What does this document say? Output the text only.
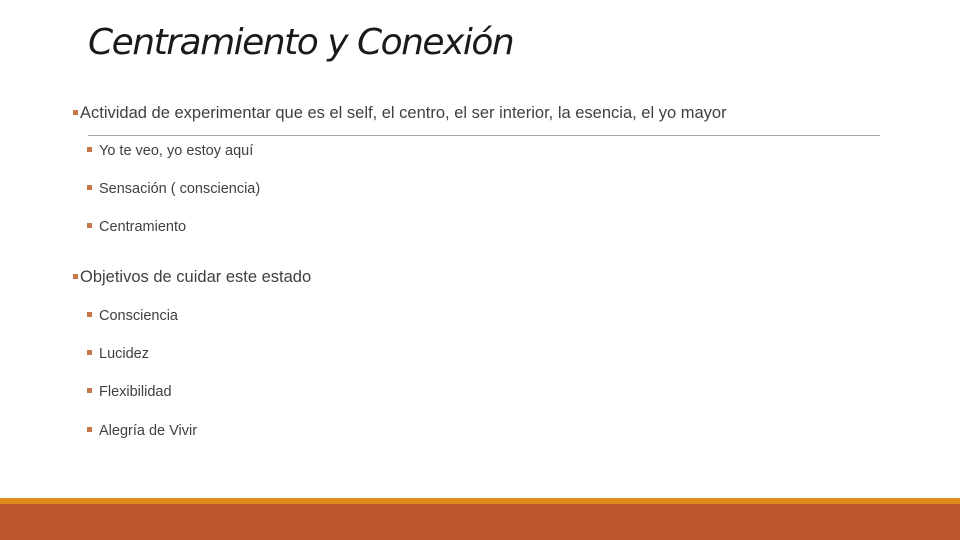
Centramiento y Conexión
Actividad de experimentar que es el self, el centro, el ser interior, la esencia, el yo mayor
Yo te veo, yo estoy aquí
Sensación ( consciencia)
Centramiento
Objetivos de cuidar este estado
Consciencia
Lucidez
Flexibilidad
Alegría de Vivir
